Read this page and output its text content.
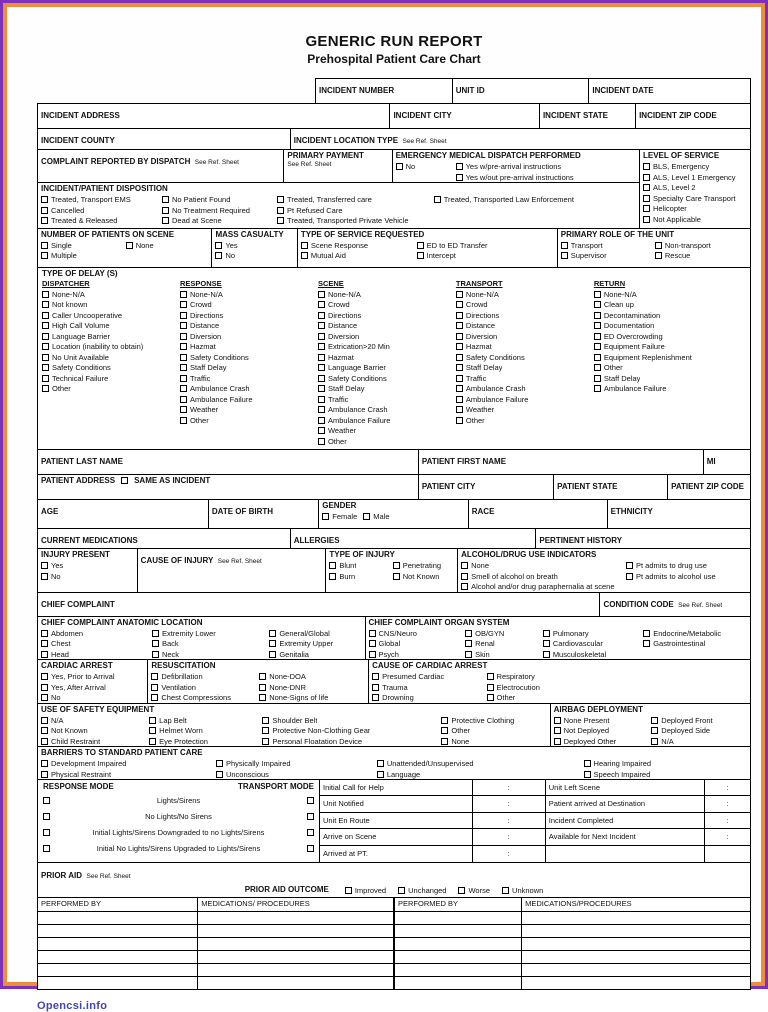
GENERIC RUN REPORT
Prehospital Patient Care Chart
INCIDENT NUMBER	UNIT ID	INCIDENT DATE
INCIDENT ADDRESS	INCIDENT CITY	INCIDENT STATE	INCIDENT ZIP CODE
INCIDENT COUNTY	INCIDENT LOCATION TYPE See Ref. Sheet
COMPLAINT REPORTED BY DISPATCH See Ref. Sheet
PRIMARY PAYMENT
See Ref. Sheet
EMERGENCY MEDICAL DISPATCH PERFORMED
No	Yes w/pre-arrival instructions
Yes w/out pre-arrival instructions
INCIDENT/PATIENT DISPOSITION
Treated, Transport EMS	No Patient Found	Treated, Transferred care	Treated, Transported Law Enforcement
Cancelled	No Treatment Required	Pt Refused Care
Treated & Released	Dead at Scene	Treated, Transported Private Vehicle
LEVEL OF SERVICE
BLS, Emergency
ALS, Level 1 Emergency
ALS, Level 2
Specialty Care Transport
Helicopter
Not Applicable
NUMBER OF PATIENTS ON SCENE
Single	None
Multiple
MASS CASUALTY
Yes
No
TYPE OF SERVICE REQUESTED
Scene Response	ED to ED Transfer
Mutual Aid	Intercept
PRIMARY ROLE OF THE UNIT
Transport	Non-transport
Supervisor	Rescue
TYPE OF DELAY (S)
DISPATCHER
None-N/A
Not known
Caller Uncooperative
High Call Volume
Language Barrier
Location (inability to obtain)
No Unit Available
Safety Conditions
Technical Failure
Other
RESPONSE
None-N/A
Crowd
Directions
Distance
Diversion
Hazmat
Safety Conditions
Staff Delay
Traffic
Ambulance Crash
Ambulance Failure
Weather
Other
SCENE
None-N/A
Crowd
Directions
Distance
Diversion
Extrication>20 Min
Hazmat
Language Barrier
Safety Conditions
Staff Delay
Traffic
Ambulance Crash
Ambulance Failure
Weather
Other
TRANSPORT
None-N/A
Crowd
Directions
Distance
Diversion
Hazmat
Safety Conditions
Staff Delay
Traffic
Ambulance Crash
Ambulance Failure
Weather
Other
RETURN
None-N/A
Clean up
Decontamination
Documentation
ED Overcrowding
Equipment Failure
Equipment Replenishment
Other
Staff Delay
Ambulance Failure
PATIENT LAST NAME	PATIENT FIRST NAME	MI
PATIENT ADDRESS SAME AS INCIDENT
PATIENT CITY	PATIENT STATE	PATIENT ZIP CODE
AGE	DATE OF BIRTH
GENDER
Female Male
RACE	ETHNICITY
CURRENT MEDICATIONS	ALLERGIES	PERTINENT HISTORY
INJURY PRESENT
Yes
No
CAUSE OF INJURY See Ref. Sheet
TYPE OF INJURY
Blunt	Penetrating
Burn	Not Known
ALCOHOL/DRUG USE INDICATORS
None	Pt admits to drug use
Smell of alcohol on breath	Pt admits to alcohol use
Alcohol and/or drug paraphernalia at scene
CHIEF COMPLAINT	CONDITION CODE See Ref. Sheet
CHIEF COMPLAINT ANATOMIC LOCATION
Abdomen	Extremity Lower	General/Global
Chest	Back	Extremity Upper
Head	Neck	Genitalia
CHIEF COMPLAINT ORGAN SYSTEM
CNS/Neuro	OB/GYN	Pulmonary	Endocrine/Metabolic
Global	Renal	Cardiovascular	Gastrointestinal
Psych	Skin	Musculoskeletal
CARDIAC ARREST
Yes, Prior to Arrival
Yes, After Arrival
No
RESUSCITATION
Defibrillation	None-DOA
Ventilation	None-DNR
Chest Compressions	None-Signs of life
CAUSE OF CARDIAC ARREST
Presumed Cardiac	Respiratory
Trauma	Electrocution
Drowning	Other
USE OF SAFETY EQUIPMENT
N/A	Lap Belt	Shoulder Belt	Protective Clothing
Not Known	Helmet Worn	Protective Non-Clothing Gear	Other
Child Restraint	Eye Protection	Personal Floatation Device	None
AIRBAG DEPLOYMENT
None Present	Deployed Front
Not Deployed	Deployed Side
Deployed Other	N/A
BARRIERS TO STANDARD PATIENT CARE
Development Impaired	Physically Impaired	Unattended/Unsupervised	Hearing Impaired
Physical Restraint	Unconscious	Language	Speech Impaired
RESPONSE MODE	TRANSPORT MODE
Lights/Sirens
No Lights/No Sirens
Initial Lights/Sirens Downgraded to no Lights/Sirens
Initial No Lights/Sirens Upgraded to Lights/Sirens
Initial Call for Help	:	Unit Left Scene	:
Unit Notified	:	Patient arrived at Destination	:
Unit En Route	:	Incident Completed	:
Arrive on Scene	:	Available for Next Incident	:
Arrived at PT.	:
PRIOR AID See Ref. Sheet
PRIOR AID OUTCOME	Improved	Unchanged	Worse	Unknown
PERFORMED BY	MEDICATIONS/ PROCEDURES	PERFORMED BY	MEDICATIONS/PROCEDURES
Opencsi.info
